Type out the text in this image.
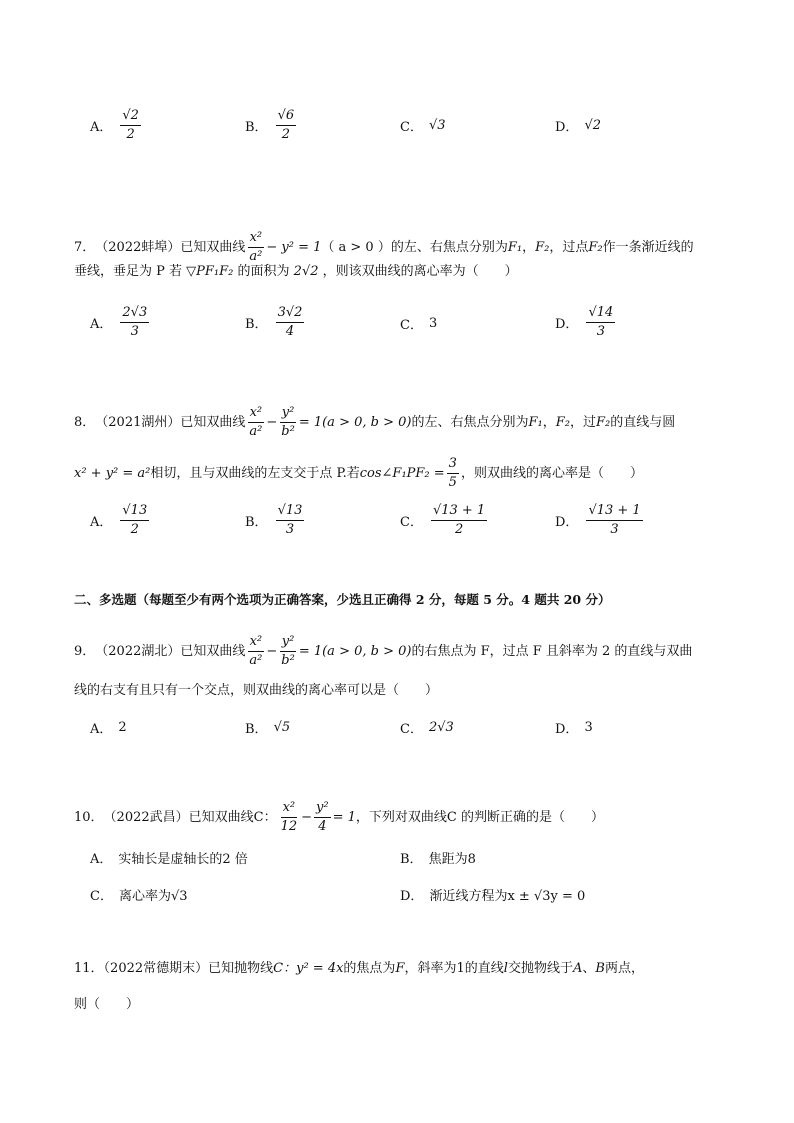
A． $\frac{√2}{2}$	B． $\frac{√6}{2}$	C． √3	D． √2
7． （2022蚌埠） 已知双曲线 $\frac{\text{x²}}{\text{a²}} - y^2 = 1$ （ a > 0 ） 的左、右焦点分别为 F₁ ， F₂ ，过点 F₂ 作一条渐近线的
垂线，垂足为 P 若 ▽PF₁F₂ 的面积为 2√2 ，则该双曲线的离心率为（　　）
A． $\frac{2√3}{3}$	B． $\frac{3√2}{4}$	C． 3	D． $\frac{√14}{3}$
8． （2021湖州） 已知双曲线 $\frac{\text{x²}}{\text{a²}} - \frac{\text{y²}}{\text{b²}} = 1(a > 0$, b > 0) 的左、右焦点分别为 F₁ ， F₂ ，过 F₂ 的直线与圆
x² + y² = a² 相切，且与双曲线的左支交于点 P.若 cos∠F₁PF₂ = $\frac{3}{5}$ ，则双曲线的离心率是（　　）
A． $\frac{√13}{2}$	B． $\frac{√13}{3}$	C． $\frac{√13 + 1}{2}$	D． $\frac{√13 + 1}{3}$
二、多选题（每题至少有两个选项为正确答案，少选且正确得 2 分，每题 5 分。4 题共 20 分）
9． （2022湖北） 已知双曲线 $\frac{\text{x²}}{\text{a²}} - \frac{\text{y²}}{\text{b²}} = 1(a > 0$, b > 0) 的右焦点为 F，过点 F 且斜率为 2 的直线与双曲
线的右支有且只有一个交点，则双曲线的离心率可以是（　　）
A． 2	B． √5	C． 2√3	D． 3
10． （2022武昌） 已知双曲线C： $\frac{\text{x²}}{12} - \frac{\text{y²}}{4} = 1$ ，下列对双曲线C 的判断正确的是（　　）
A． 实轴长是虚轴长的2 倍	B． 焦距为8
C． 离心率为√3	D． 渐近线方程为x ± √3y = 0
11．（2022常德期末）已知抛物线C：y² = 4x的焦点为F，斜率为1的直线l交抛物线于A、B两点，
则（　　）
